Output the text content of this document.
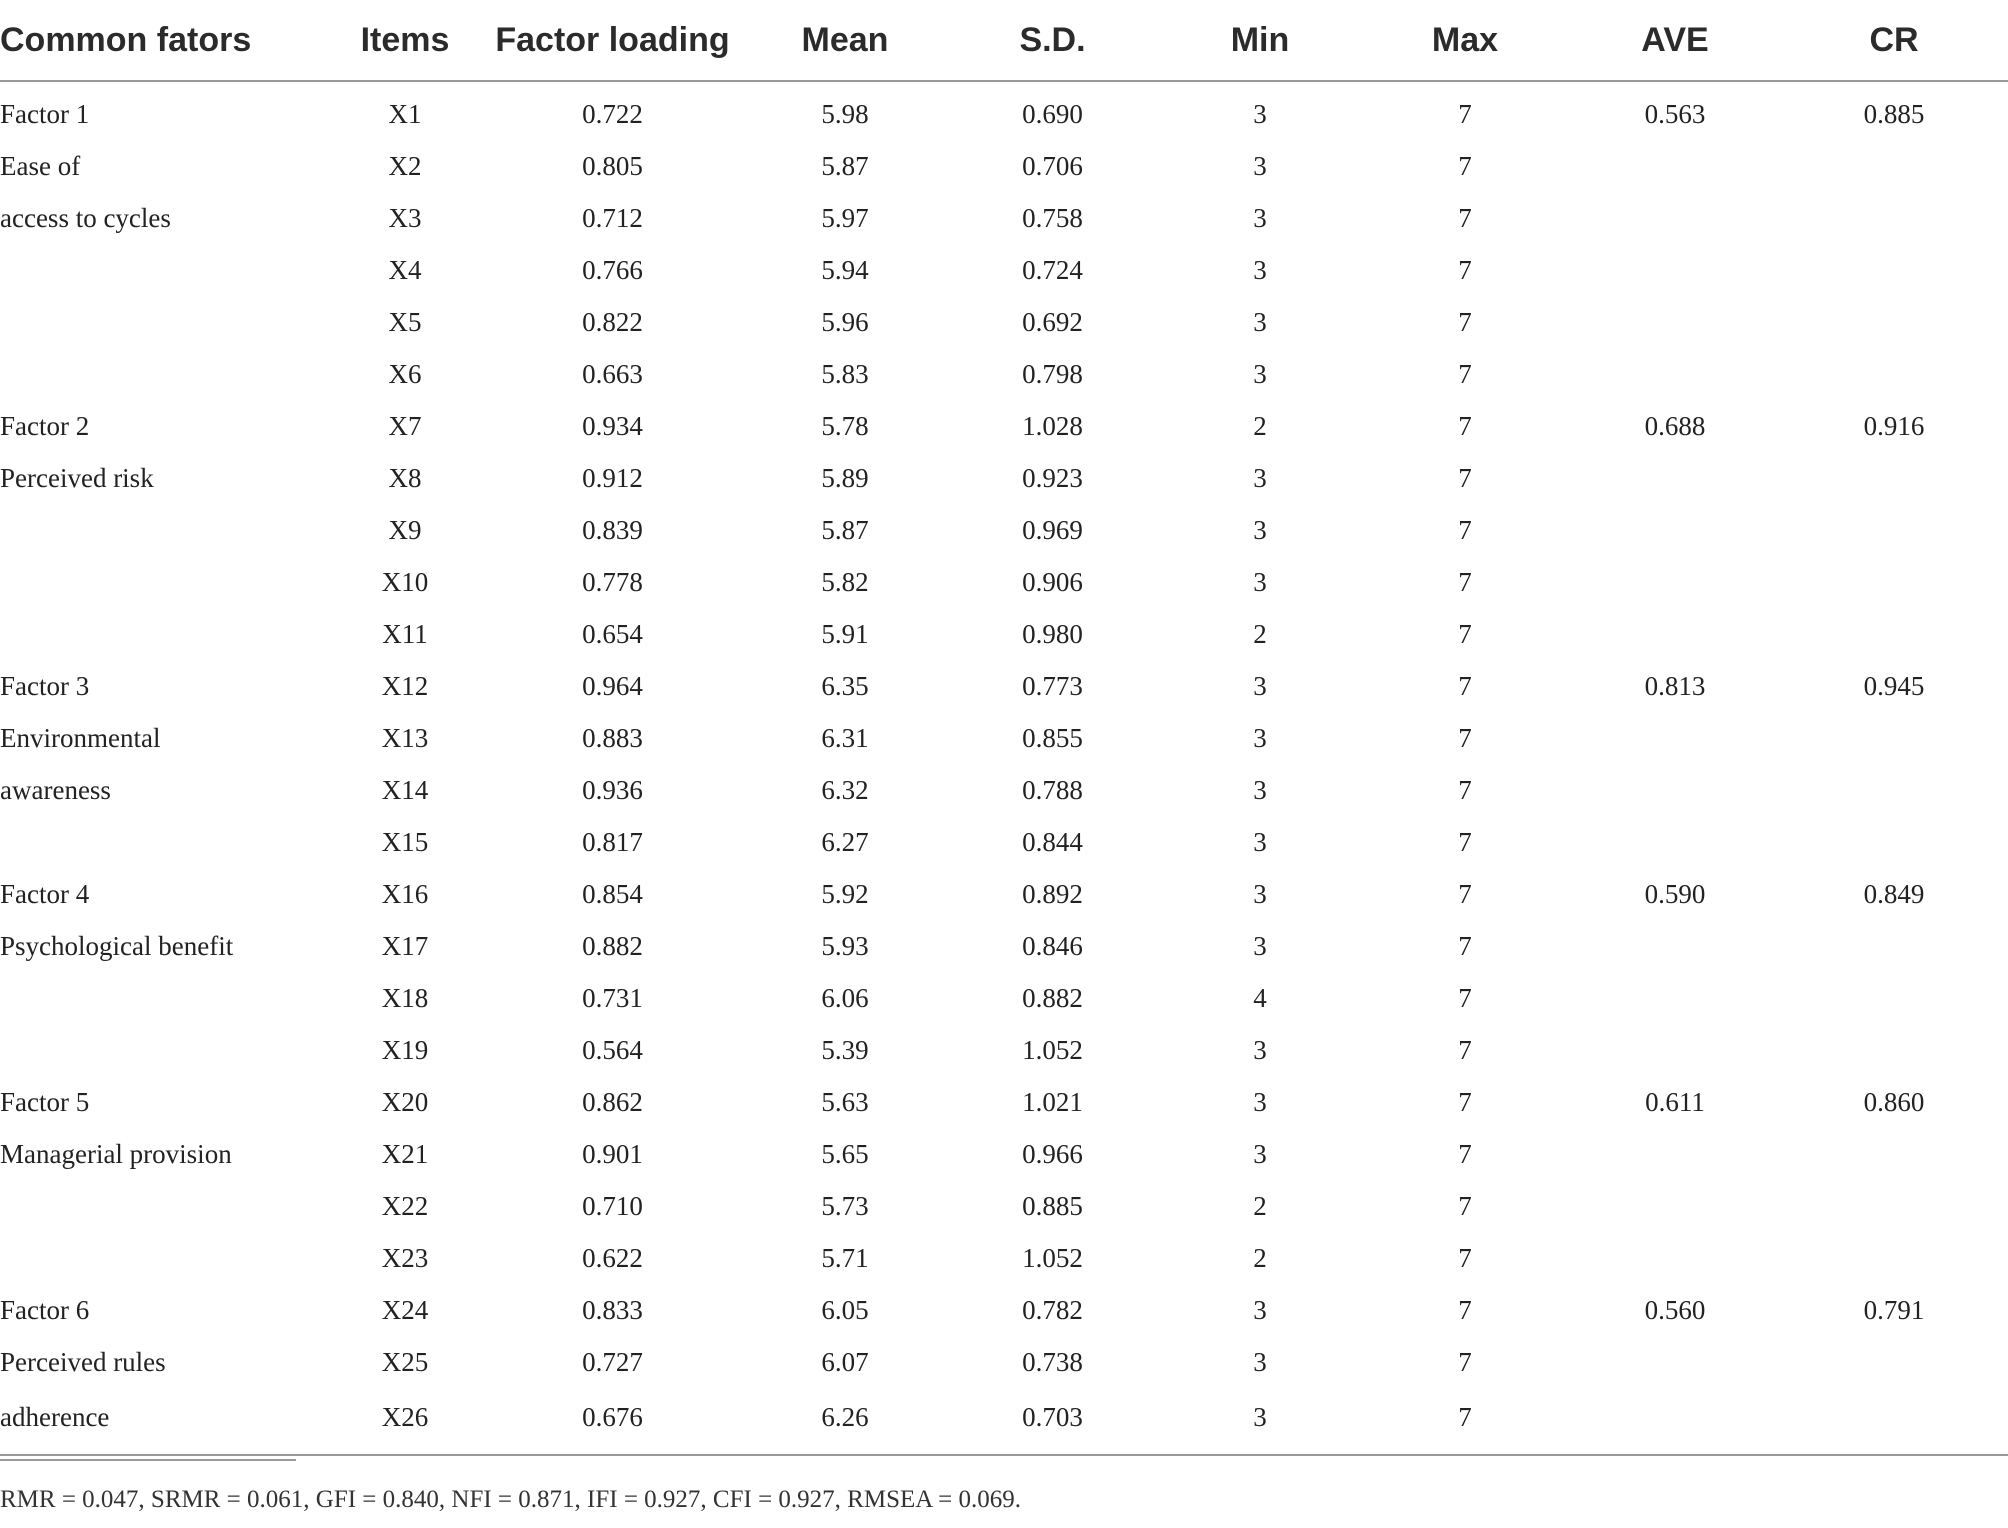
Common fators	Items	Factor loading	Mean	S.D.	Min	Max	AVE	CR
Factor 1	X1	0.722	5.98	0.690	3	7	0.563	0.885
Ease of	X2	0.805	5.87	0.706	3	7		
access to cycles	X3	0.712	5.97	0.758	3	7		
	X4	0.766	5.94	0.724	3	7		
	X5	0.822	5.96	0.692	3	7		
	X6	0.663	5.83	0.798	3	7		
Factor 2	X7	0.934	5.78	1.028	2	7	0.688	0.916
Perceived risk	X8	0.912	5.89	0.923	3	7		
	X9	0.839	5.87	0.969	3	7		
	X10	0.778	5.82	0.906	3	7		
	X11	0.654	5.91	0.980	2	7		
Factor 3	X12	0.964	6.35	0.773	3	7	0.813	0.945
Environmental	X13	0.883	6.31	0.855	3	7		
awareness	X14	0.936	6.32	0.788	3	7		
	X15	0.817	6.27	0.844	3	7		
Factor 4	X16	0.854	5.92	0.892	3	7	0.590	0.849
Psychological benefit	X17	0.882	5.93	0.846	3	7		
	X18	0.731	6.06	0.882	4	7		
	X19	0.564	5.39	1.052	3	7		
Factor 5	X20	0.862	5.63	1.021	3	7	0.611	0.860
Managerial provision	X21	0.901	5.65	0.966	3	7		
	X22	0.710	5.73	0.885	2	7		
	X23	0.622	5.71	1.052	2	7		
Factor 6	X24	0.833	6.05	0.782	3	7	0.560	0.791
Perceived rules	X25	0.727	6.07	0.738	3	7		
adherence	X26	0.676	6.26	0.703	3	7		
RMR = 0.047, SRMR = 0.061, GFI = 0.840, NFI = 0.871, IFI = 0.927, CFI = 0.927, RMSEA = 0.069.
